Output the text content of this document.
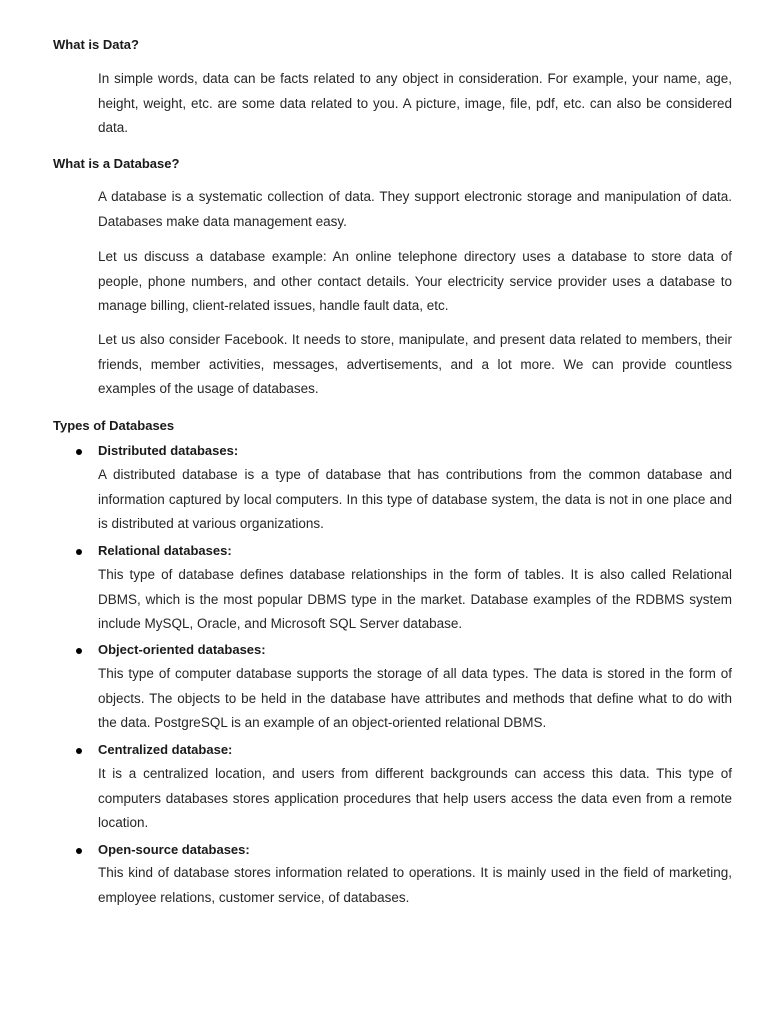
What is Data?

In simple words, data can be facts related to any object in consideration. For example, your name, age, height, weight, etc. are some data related to you. A picture, image, file, pdf, etc. can also be considered data.

What is a Database?

A database is a systematic collection of data. They support electronic storage and manipulation of data. Databases make data management easy.

Let us discuss a database example: An online telephone directory uses a database to store data of people, phone numbers, and other contact details. Your electricity service provider uses a database to manage billing, client-related issues, handle fault data, etc.

Let us also consider Facebook. It needs to store, manipulate, and present data related to members, their friends, member activities, messages, advertisements, and a lot more. We can provide countless examples of the usage of databases.

Types of Databases
Distributed databases:

A distributed database is a type of database that has contributions from the common database and information captured by local computers. In this type of database system, the data is not in one place and is distributed at various organizations.

Relational databases:

This type of database defines database relationships in the form of tables. It is also called Relational DBMS, which is the most popular DBMS type in the market. Database examples of the RDBMS system include MySQL, Oracle, and Microsoft SQL Server database.

Object-oriented databases:

This type of computer database supports the storage of all data types. The data is stored in the form of objects. The objects to be held in the database have attributes and methods that define what to do with the data. PostgreSQL is an example of an object-oriented relational DBMS.

Centralized database:

It is a centralized location, and users from different backgrounds can access this data. This type of computers databases stores application procedures that help users access the data even from a remote location.

Open-source databases:

This kind of database stores information related to operations. It is mainly used in the field of marketing, employee relations, customer service, of databases.
